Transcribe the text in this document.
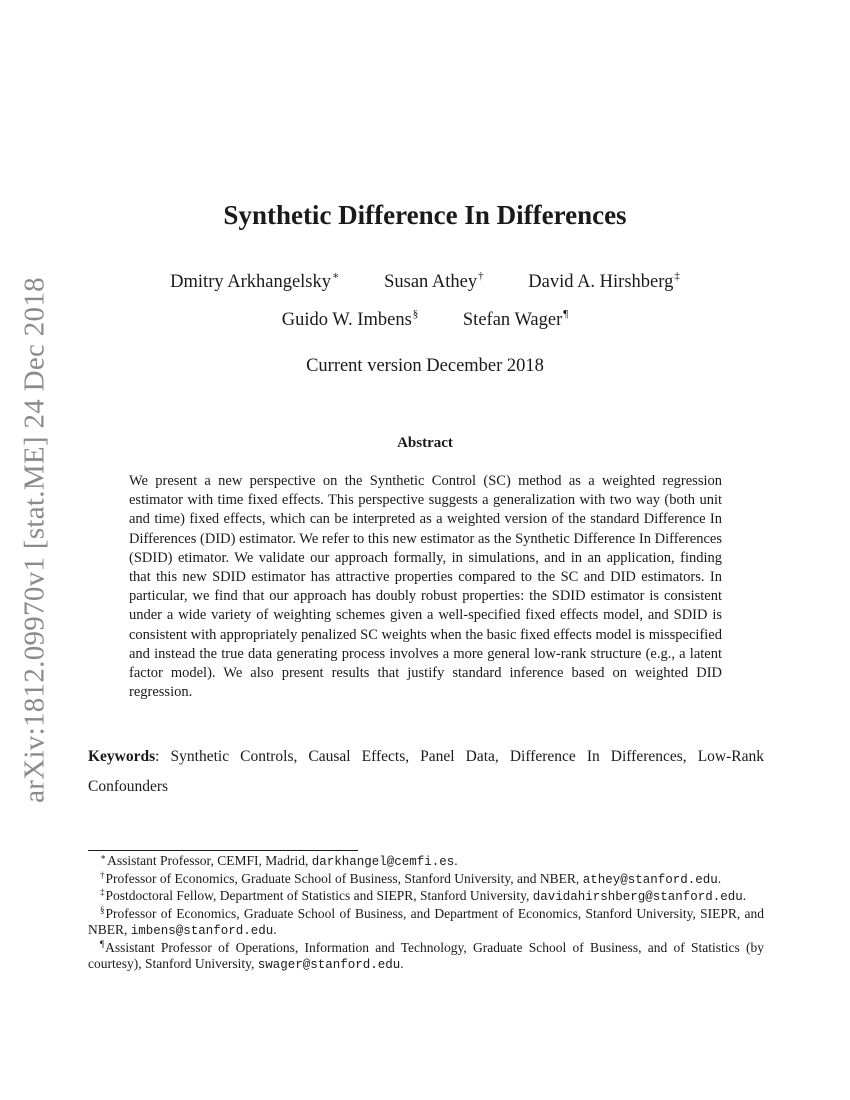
arXiv:1812.09970v1 [stat.ME] 24 Dec 2018
Synthetic Difference In Differences
Dmitry Arkhangelsky∗ Susan Athey† David A. Hirshberg‡
Guido W. Imbens§ Stefan Wager¶
Current version December 2018
Abstract

We present a new perspective on the Synthetic Control (SC) method as a weighted regression estimator with time fixed effects. This perspective suggests a generalization with two way (both unit and time) fixed effects, which can be interpreted as a weighted version of the standard Difference In Differences (DID) estimator. We refer to this new estimator as the Synthetic Difference In Differences (SDID) etimator. We validate our approach formally, in simulations, and in an application, finding that this new SDID estimator has attractive properties compared to the SC and DID estimators. In particular, we find that our approach has doubly robust properties: the SDID estimator is consistent under a wide variety of weighting schemes given a well-specified fixed effects model, and SDID is consistent with appropriately penalized SC weights when the basic fixed effects model is misspecified and instead the true data generating process involves a more general low-rank structure (e.g., a latent factor model). We also present results that justify standard inference based on weighted DID regression.

Keywords: Synthetic Controls, Causal Effects, Panel Data, Difference In Differences, Low-Rank Confounders
∗Assistant Professor, CEMFI, Madrid, darkhangel@cemfi.es.
†Professor of Economics, Graduate School of Business, Stanford University, and NBER, athey@stanford.edu.
‡Postdoctoral Fellow, Department of Statistics and SIEPR, Stanford University, davidahirshberg@stanford.edu.
§Professor of Economics, Graduate School of Business, and Department of Economics, Stanford University, SIEPR, and NBER, imbens@stanford.edu.
¶Assistant Professor of Operations, Information and Technology, Graduate School of Business, and of Statistics (by courtesy), Stanford University, swager@stanford.edu.
